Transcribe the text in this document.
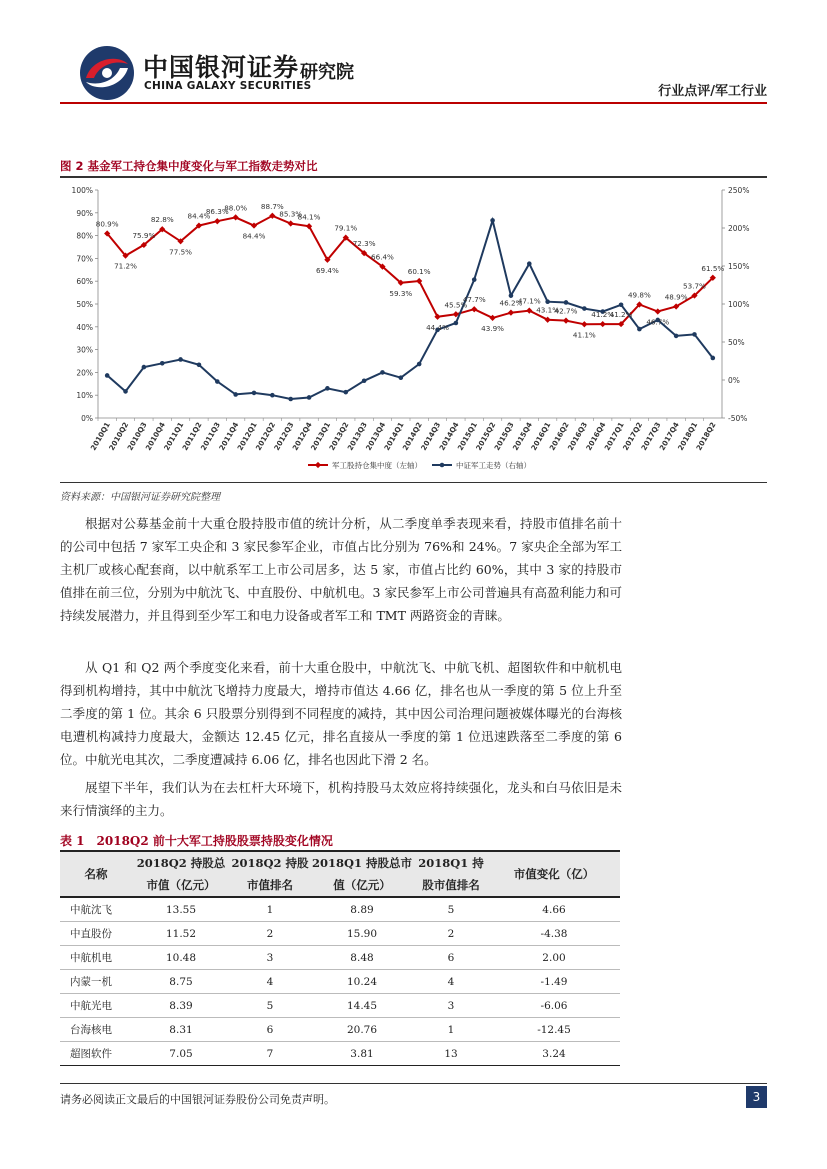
中国银河证券
CHINA GALAXY SECURITIES
研究院
行业点评/军工行业
图 2 基金军工持仓集中度变化与军工指数走势对比
0%
10%
20%
30%
40%
50%
60%
70%
80%
90%
100%
-50%
0%
50%
100%
150%
200%
250%
2010Q1
2010Q2
2010Q3
2010Q4
2011Q1
2011Q2
2011Q3
2011Q4
2012Q1
2012Q2
2012Q3
2012Q4
2013Q1
2013Q2
2013Q3
2013Q4
2014Q1
2014Q2
2014Q3
2014Q4
2015Q1
2015Q2
2015Q3
2015Q4
2016Q1
2016Q2
2016Q3
2016Q4
2017Q1
2017Q2
2017Q3
2017Q4
2018Q1
2018Q2
80.9%
71.2%
75.9%
82.8%
77.5%
84.4%
86.3%
88.0%
84.4%
88.7%
85.3%
84.1%
69.4%
79.1%
72.3%
66.4%
59.3%
60.1%
44.4%
45.5%
47.7%
43.9%
46.2%
47.1%
43.1%
42.7%
41.1%
41.2%
41.2%
49.8%
46.7%
48.9%
53.7%
61.5%
军工股持仓集中度（左轴）	中证军工走势（右轴）
资料来源：中国银河证券研究院整理

根据对公募基金前十大重仓股持股市值的统计分析，从二季度单季表现来看，持股市值排名前十的公司中包括 7 家军工央企和 3 家民参军企业，市值占比分别为 76%和 24%。7 家央企全部为军工主机厂或核心配套商，以中航系军工上市公司居多，达 5 家，市值占比约 60%，其中 3 家的持股市值排在前三位，分别为中航沈飞、中直股份、中航机电。3 家民参军上市公司普遍具有高盈利能力和可持续发展潜力，并且得到至少军工和电力设备或者军工和 TMT 两路资金的青睐。

从 Q1 和 Q2 两个季度变化来看，前十大重仓股中，中航沈飞、中航飞机、超图软件和中航机电得到机构增持，其中中航沈飞增持力度最大，增持市值达 4.66 亿，排名也从一季度的第 5 位上升至二季度的第 1 位。其余 6 只股票分别得到不同程度的减持，其中因公司治理问题被媒体曝光的台海核电遭机构减持力度最大，金额达 12.45 亿元，排名直接从一季度的第 1 位迅速跌落至二季度的第 6 位。中航光电其次，二季度遭减持 6.06 亿，排名也因此下滑 2 名。

展望下半年，我们认为在去杠杆大环境下，机构持股马太效应将持续强化，龙头和白马依旧是未来行情演绎的主力。

表 1　2018Q2 前十大军工持股股票持股变化情况
名称	2018Q2 持股总市值（亿元）	2018Q2 持股市值排名	2018Q1 持股总市值（亿元）	2018Q1 持股市值排名	市值变化（亿）
中航沈飞	13.55	1	8.89	5	4.66
中直股份	11.52	2	15.90	2	-4.38
中航机电	10.48	3	8.48	6	2.00
内蒙一机	8.75	4	10.24	4	-1.49
中航光电	8.39	5	14.45	3	-6.06
台海核电	8.31	6	20.76	1	-12.45
超图软件	7.05	7	3.81	13	3.24
请务必阅读正文最后的中国银河证券股份公司免责声明。	3
